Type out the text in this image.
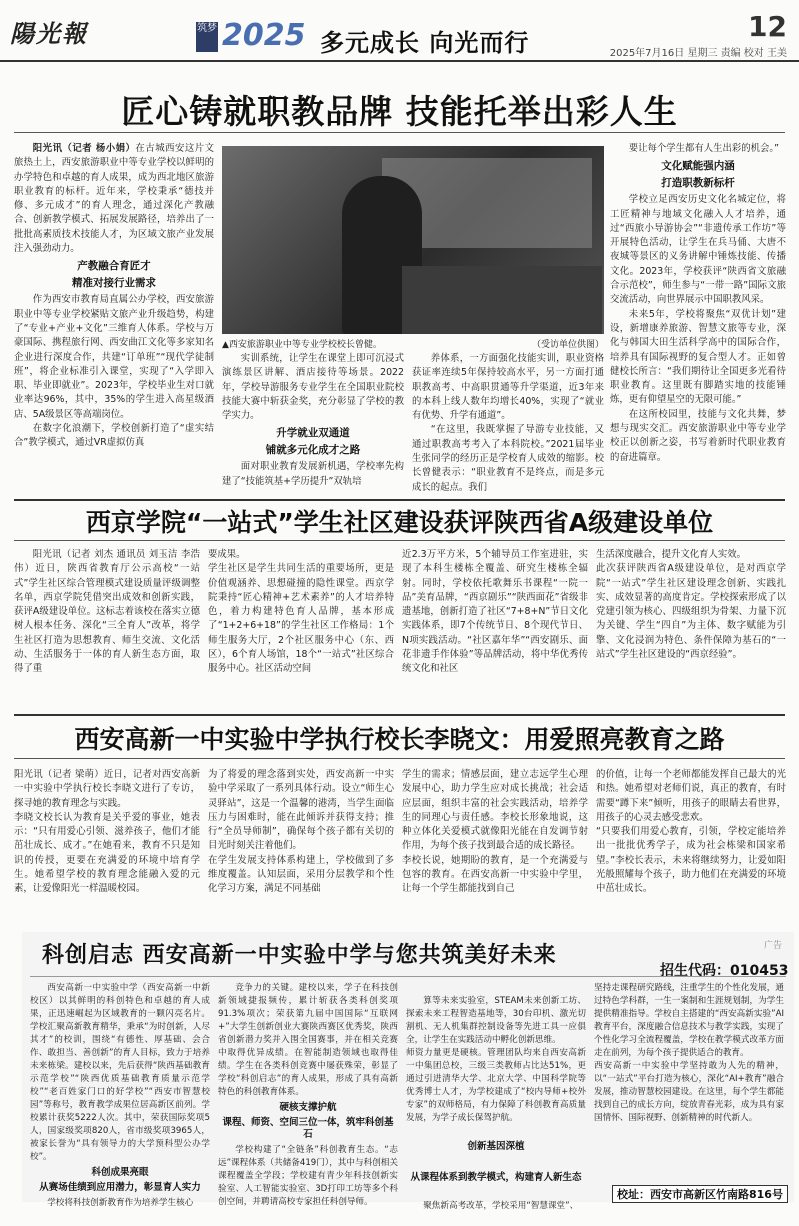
陽光報	筑梦 2025 多元成长 向光而行	12
2025年7月16日 星期三 责编 校对 王美
匠心铸就职教品牌 技能托举出彩人生

阳光讯（记者 杨小娟）在古城西安这片文旅热土上，西安旅游职业中等专业学校以鲜明的办学特色和卓越的育人成果，成为西北地区旅游职业教育的标杆。近年来，学校秉承“德技并修、多元成才”的育人理念，通过深化产教融合、创新教学模式、拓展发展路径，培养出了一批批高素质技术技能人才，为区域文旅产业发展注入强劲动力。

产教融合育匠才
精准对接行业需求

作为西安市教育局直属公办学校，西安旅游职业中等专业学校紧贴文旅产业升级趋势，构建了“专业+产业+文化”三维育人体系。学校与万豪国际、携程旅行网、西安曲江文化等多家知名企业进行深度合作，共建“订单班”“现代学徒制班”，将企业标准引入课堂，实现了“入学即入职、毕业即就业”。2023年，学校毕业生对口就业率达96%，其中，35%的学生进入高星级酒店、5A级景区等高端岗位。

在数字化浪潮下，学校创新打造了“虚实结合”教学模式，通过VR虚拟仿真

▲西安旅游职业中等专业学校校长曾健。	（受访单位供图）

实训系统，让学生在课堂上即可沉浸式演练景区讲解、酒店接待等场景。2022年，学校导游服务专业学生在全国职业院校技能大赛中斩获金奖，充分彰显了学校的教学实力。

升学就业双通道
铺就多元化成才之路

面对职业教育发展新机遇，学校率先构建了“技能筑基+学历提升”双轨培

养体系，一方面强化技能实训，职业资格获证率连续5年保持较高水平，另一方面打通职教高考、中高职贯通等升学渠道，近3年来的本科上线人数年均增长40%，实现了“就业有优势、升学有通道”。

“在这里，我既掌握了导游专业技能，又通过职教高考考入了本科院校。”2021届毕业生张同学的经历正是学校育人成效的缩影。校长曾健表示：“职业教育不是终点，而是多元成长的起点。我们

要让每个学生都有人生出彩的机会。”

文化赋能强内涵
打造职教新标杆

学校立足西安历史文化名城定位，将工匠精神与地域文化融入人才培养，通过“西旅小导游协会”“非遗传承工作坊”等开展特色活动，让学生在兵马俑、大唐不夜城等景区的义务讲解中锤炼技能、传播文化。2023年，学校获评“陕西省文旅融合示范校”，师生参与“一带一路”国际文旅交流活动，向世界展示中国职教风采。

未来5年，学校将聚焦“双优计划”建设，新增康养旅游、智慧文旅等专业，深化与韩国大田生活科学高中的国际合作，培养具有国际视野的复合型人才。正如曾健校长所言：“我们期待让全国更多光看待职业教育。这里既有脚踏实地的技能锤炼，更有仰望星空的无限可能。”

在这所校园里，技能与文化共舞，梦想与现实交汇。西安旅游职业中等专业学校正以创新之姿，书写着新时代职业教育的奋进篇章。

西京学院“一站式”学生社区建设获评陕西省A级建设单位
阳光讯（记者 刘杰 通讯员 刘玉洁 李浩伟）近日，陕西省教育厅公示高校“一站式”学生社区综合管理模式建设质量评级调整名单，西京学院凭借突出成效和创新实践，获评A级建设单位。这标志着该校在落实立德树人根本任务、深化“三全育人”改革，将学生社区打造为思想教育、师生交流、文化活动、生活服务于一体的育人新生态方面，取得了重
要成果。
学生社区是学生共同生活的重要场所，更是价值观涵养、思想碰撞的隐性课堂。西京学院秉持“匠心精神+艺术素养”的人才培养特色，着力构建特色育人品牌，基本形成了“1+2+6+18”的学生社区工作格局：1个师生服务大厅，2个社区服务中心（东、西区），6个育人场馆，18个“一站式”社区综合服务中心。社区活动空间
近2.3万平方米，5个辅导员工作室进驻，实现了本科生楼栋全覆盖、研究生楼栋全辐射。同时，学校依托歌舞乐书课程“一院一品”美育品牌，“西京剧乐”“陕西面花”省级非遗基地，创新打造了社区“7+8+N”节日文化实践体系，即7个传统节日、8个现代节日、N项实践活动。“社区嘉年华”“西安剧乐、面花非遗手作体验”等品牌活动，将中华优秀传统文化和社区
生活深度融合，提升文化育人实效。
此次获评陕西省A级建设单位，是对西京学院“一站式”学生社区建设理念创新、实践扎实、成效显著的高度肯定。学校探索形成了以党建引领为核心、四级组织为骨架、力量下沉为关键、学生“四自”为主体、数字赋能为引擎、文化浸润为特色、条件保障为基石的“一站式”学生社区建设的“西京经验”。
西安高新一中实验中学执行校长李晓文：用爱照亮教育之路
阳光讯（记者 梁萌）近日，记者对西安高新一中实验中学执行校长李晓文进行了专访，探寻她的教育理念与实践。
李晓文校长认为教育是关乎爱的事业，她表示：“只有用爱心引领、滋养孩子，他们才能茁壮成长、成才。”在她看来，教育不只是知识的传授，更要在充满爱的环境中培育学生。她希望学校的教育理念能融入爱的元素，让爱像阳光一样温暖校园。
为了将爱的理念落到实处，西安高新一中实验中学采取了一系列具体行动。设立“师生心灵驿站”，这是一个温馨的港湾，当学生面临压力与困难时，能在此倾诉并获得支持；推行“全员导师制”，确保每个孩子都有关切的目光时刻关注着他们。
在学生发展支持体系构建上，学校做到了多维度覆盖。认知层面，采用分层教学和个性化学习方案，满足不同基础
学生的需求；情感层面，建立志远学生心理发展中心，助力学生应对成长挑战；社会适应层面，组织丰富的社会实践活动，培养学生的同理心与责任感。李校长形象地说，这种立体化关爱模式就像阳光能在自发调节射作用，为每个孩子找到最合适的成长路径。
李校长说，她期盼的教育，是一个充满爱与包容的教育。在西安高新一中实验中学里，让每一个学生都能找到自己
的价值，让每一个老师都能发挥自己最大的光和热。她希望对老师们说，真正的教育，有时需要“蹲下来”倾听，用孩子的眼睛去看世界，用孩子的心灵去感受悲欢。
“只要我们用爱心教育，引领，学校定能培养出一批批优秀学子，成为社会栋梁和国家希望。”李校长表示，未来将继续努力，让爱如阳光般照耀每个孩子，助力他们在充满爱的环境中茁壮成长。
科创启志 西安高新一中实验中学与您共筑美好未来	广告
招生代码：010453

西安高新一中实验中学（西安高新一中新校区）以其鲜明的科创特色和卓越的育人成果，正迅速崛起为区域教育的一颗闪亮名片。学校汇聚高新教育精华，秉承“为时创新，人尽其才”的校训，围绕“有德性、厚基础、会合作、敢担当、善创新”的育人目标，致力于培养未来栋梁。建校以来，先后获得“陕西基础教育示范学校”“陕西优质基础教育质量示范学校”“老百姓家门口的好学校”“西安市智慧校园”等称号，教育教学成果位居高新区前列。学校累计获奖5222人次。其中，荣获国际奖项5人，国家级奖项820人，省市级奖项3965人，被家长誉为“具有领导力的大学预科型公办学校”。

科创成果亮眼
从赛场佳绩到应用潜力，彰显育人实力

学校将科技创新教育作为培养学生核心

竞争力的关键。建校以来，学子在科技创新领域捷报频传，累计斩获各类科创奖项91.3%项次；荣获第九届中国国际“互联网+”大学生创新创业大赛陕西赛区优秀奖，陕西省创新潜力奖并入围全国赛事，并在相关竞赛中取得优异成绩。在智能制造领域也取得佳绩。学生在各类科创竞赛中屡获殊荣，彰显了学校“科创启志”的育人成果，形成了具有高新特色的科创教育体系。

硬核支撑护航
课程、师资、空间三位一体，筑牢科创基石

学校构建了“全链条”科创教育生态。“志远”课程体系（共储备419门），其中与科创相关课程覆盖全学段；学校建有青少年科技创新实验室、人工智能实验室、3D打印工坊等多个科创空间，并聘请高校专家担任科创导师。

算等未来实验室，STEAM未来创新工坊、探索未来工程智造基地等，30台印机、激光切割机、无人机集群控制设备等先进工具一应俱全，让学生在实践活动中孵化创新思维。
师资力量更是硬核。管理团队均来自西安高新一中集团总校，三级三类教师占比达51%，更通过引进清华大学、北京大学、中国科学院等优秀博士人才，为学校建成了“校内导师+校外专家”的双师格局，有力保障了科创教育高质量发展，为学子成长保驾护航。

创新基因深植

从课程体系到教学模式，构建育人新生态

聚焦新高考改革，学校采用“智慧课堂”、

坚持走课程研究路线，注重学生的个性化发展，通过特色学科群，一生一案制和生涯规划制，为学生提供精准指导。学校自主搭建的“西安高新实验”AI教育平台，深度融合信息技术与教学实践，实现了个性化学习全流程覆盖，学校在教学模式改革方面走在前列，为每个孩子提供适合的教育。
西安高新一中实验中学坚持敢为人先的精神，以“一站式”平台打造为核心，深化“AI+教育”融合发展，推动智慧校园建设。在这里，每个学生都能找到自己的成长方向，绽放青春光彩，成为具有家国情怀、国际视野、创新精神的时代新人。
校址：西安市高新区竹南路816号
